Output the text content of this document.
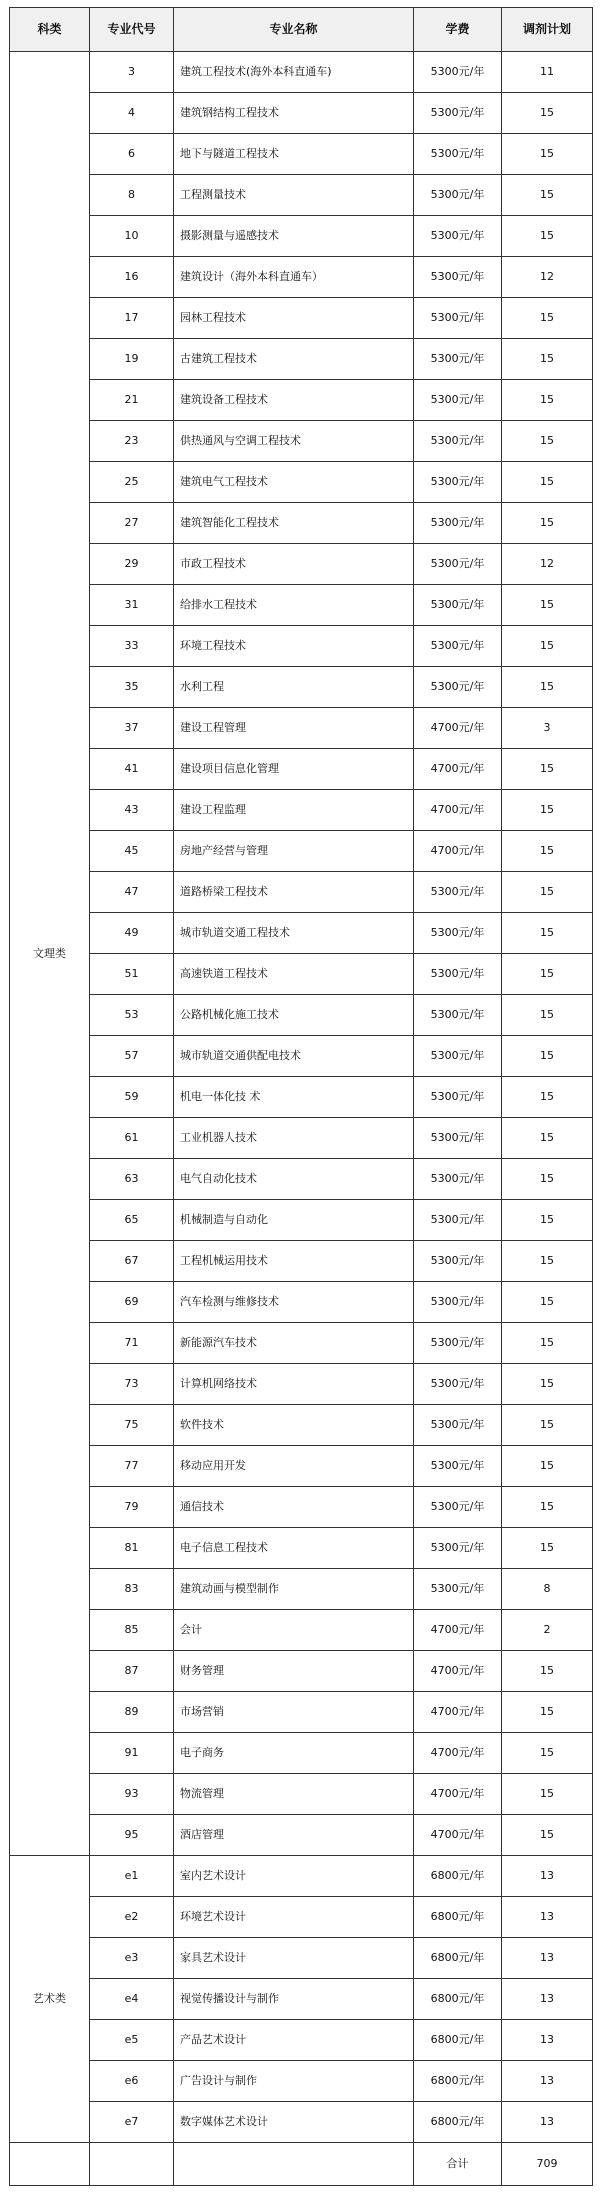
科类	专业代号	专业名称	学费	调剂计划
文理类	3	建筑工程技术(海外本科直通车)	5300元/年	11
	4	建筑钢结构工程技术	5300元/年	15
	6	地下与隧道工程技术	5300元/年	15
	8	工程测量技术	5300元/年	15
	10	摄影测量与遥感技术	5300元/年	15
	16	建筑设计（海外本科直通车）	5300元/年	12
	17	园林工程技术	5300元/年	15
	19	古建筑工程技术	5300元/年	15
	21	建筑设备工程技术	5300元/年	15
	23	供热通风与空调工程技术	5300元/年	15
	25	建筑电气工程技术	5300元/年	15
	27	建筑智能化工程技术	5300元/年	15
	29	市政工程技术	5300元/年	12
	31	给排水工程技术	5300元/年	15
	33	环境工程技术	5300元/年	15
	35	水利工程	5300元/年	15
	37	建设工程管理	4700元/年	3
	41	建设项目信息化管理	4700元/年	15
	43	建设工程监理	4700元/年	15
	45	房地产经营与管理	4700元/年	15
	47	道路桥梁工程技术	5300元/年	15
	49	城市轨道交通工程技术	5300元/年	15
	51	高速铁道工程技术	5300元/年	15
	53	公路机械化施工技术	5300元/年	15
	57	城市轨道交通供配电技术	5300元/年	15
	59	机电一体化技 术	5300元/年	15
	61	工业机器人技术	5300元/年	15
	63	电气自动化技术	5300元/年	15
	65	机械制造与自动化	5300元/年	15
	67	工程机械运用技术	5300元/年	15
	69	汽车检测与维修技术	5300元/年	15
	71	新能源汽车技术	5300元/年	15
	73	计算机网络技术	5300元/年	15
	75	软件技术	5300元/年	15
	77	移动应用开发	5300元/年	15
	79	通信技术	5300元/年	15
	81	电子信息工程技术	5300元/年	15
	83	建筑动画与模型制作	5300元/年	8
	85	会计	4700元/年	2
	87	财务管理	4700元/年	15
	89	市场营销	4700元/年	15
	91	电子商务	4700元/年	15
	93	物流管理	4700元/年	15
	95	酒店管理	4700元/年	15
艺术类	e1	室内艺术设计	6800元/年	13
	e2	环境艺术设计	6800元/年	13
	e3	家具艺术设计	6800元/年	13
	e4	视觉传播设计与制作	6800元/年	13
	e5	产品艺术设计	6800元/年	13
	e6	广告设计与制作	6800元/年	13
	e7	数字媒体艺术设计	6800元/年	13
			合计	709
